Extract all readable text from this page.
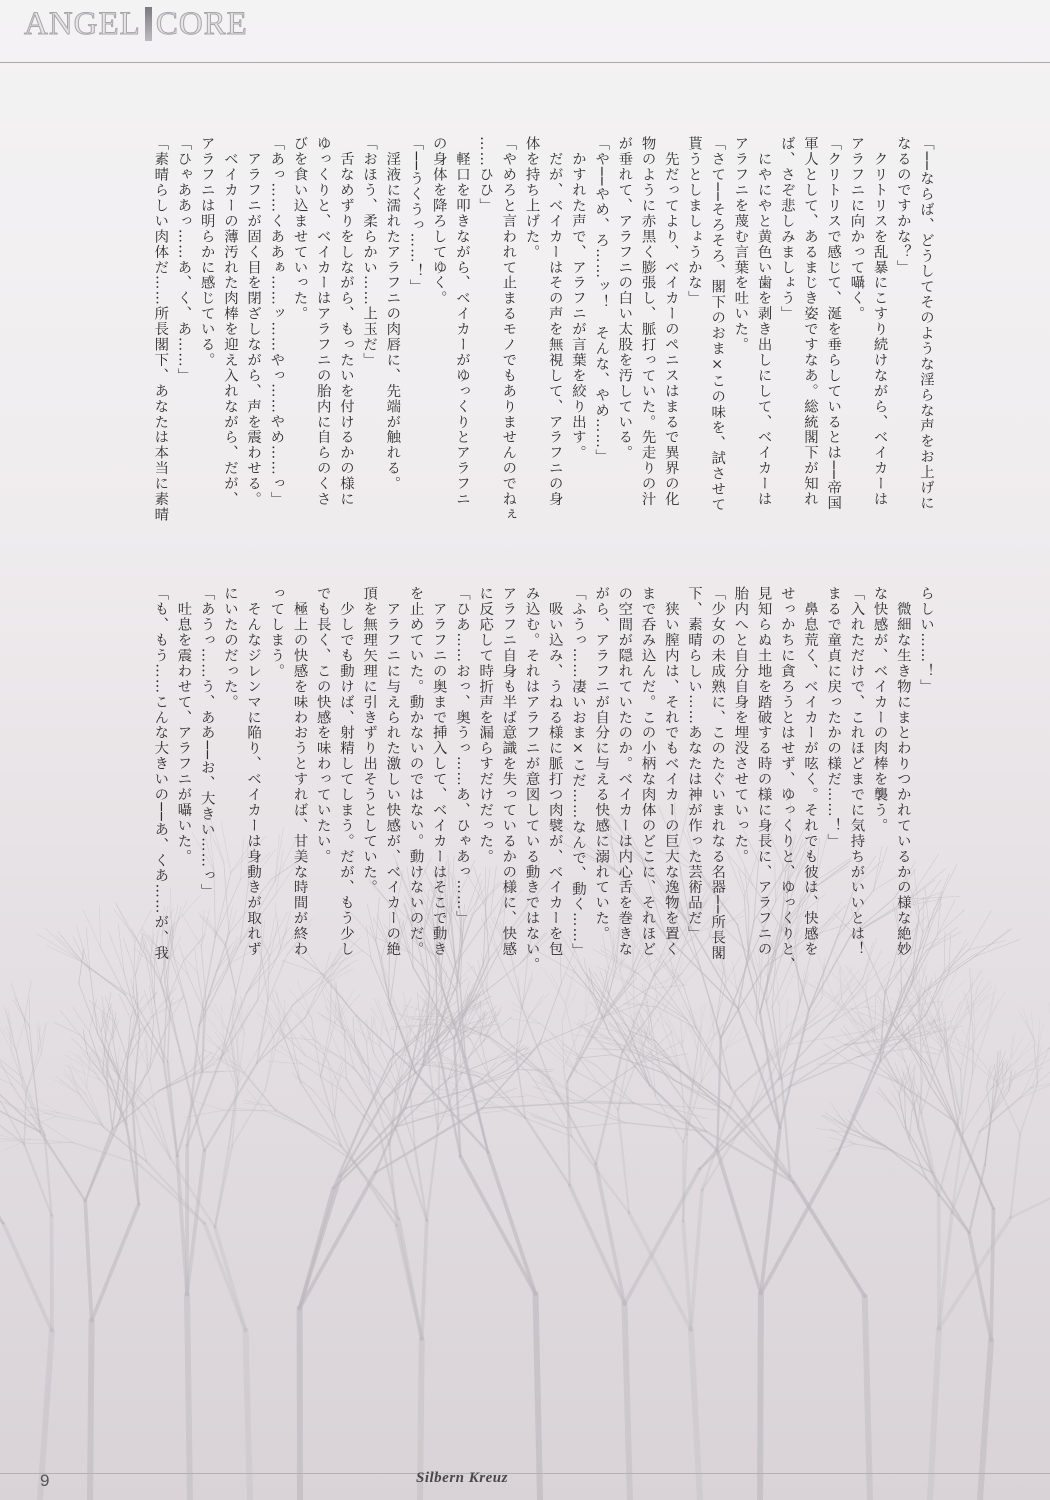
ANGEL CORE
「──ならば、どうしてそのような淫らな声をお上げに
なるのですかな？」
　クリトリスを乱暴にこすり続けながら、ベイカーは
アラフニに向かって囁く。
「クリトリスで感じて、涎を垂らしているとは──帝国
軍人として、あるまじき姿ですなあ。総統閣下が知れ
ば、さぞ悲しみましょう」
　にやにやと黄色い歯を剥き出しにして、ベイカーは
アラフニを蔑む言葉を吐いた。
「さて──そろそろ、閣下のおま×この味を、試させて
貰うとしましょうかな」
　先だってより、ベイカーのペニスはまるで異界の化
物のように赤黒く膨張し、脈打っていた。先走りの汁
が垂れて、アラフニの白い太股を汚している。
「や──やめ、ろ……ッ！　そんな、やめ……」
　かすれた声で、アラフニが言葉を絞り出す。
　だが、ベイカーはその声を無視して、アラフニの身
体を持ち上げた。
「やめろと言われて止まるモノでもありませんのでねぇ
……ひひ」
　軽口を叩きながら、ベイカーがゆっくりとアラフニ
の身体を降ろしてゆく。
「──うくうっ……！」
　淫液に濡れたアラフニの肉唇に、先端が触れる。
「おほう、柔らかい……上玉だ」
　舌なめずりをしながら、もったいを付けるかの様に
ゆっくりと、ベイカーはアラフニの胎内に自らのくさ
びを食い込ませていった。
「あっ……くああぁ……ッ……やっ……やめ……っ」
　アラフニが固く目を閉ざしながら、声を震わせる。
　ベイカーの薄汚れた肉棒を迎え入れながら、だが、
アラフニは明らかに感じている。
「ひゃああっ……あ、く、あ……」
「素晴らしい肉体だ……所長閣下、あなたは本当に素晴
らしい……！」
　微細な生き物にまとわりつかれているかの様な絶妙
な快感が、ベイカーの肉棒を襲う。
「入れただけで、これほどまでに気持ちがいいとは！
まるで童貞に戻ったかの様だ……！」
　鼻息荒く、ベイカーが呟く。それでも彼は、快感を
せっかちに貪ろうとはせず、ゆっくりと、ゆっくりと、
見知らぬ土地を踏破する時の様に身長に、アラフニの
胎内へと自分自身を埋没させていった。
「少女の未成熟に、このたぐいまれなる名器──所長閣
下、素晴らしい……あなたは神が作った芸術品だ」
　狭い膣内は、それでもベイカーの巨大な逸物を置く
まで呑み込んだ。この小柄な肉体のどこに、それほど
の空間が隠れていたのか。ベイカーは内心舌を巻きな
がら、アラフニが自分に与える快感に溺れていた。
「ふうっ……凄いおま×こだ……なんで、動く……」
　吸い込み、うねる様に脈打つ肉襞が、ベイカーを包
み込む。それはアラフニが意図している動きではない。
アラフニ自身も半ば意識を失っているかの様に、快感
に反応して時折声を漏らすだけだった。
「ひあ……おっ、奥うっ……あ、ひゃあっ……」
　アラフニの奥まで挿入して、ベイカーはそこで動き
を止めていた。動かないのではない。動けないのだ。
　アラフニに与えられた激しい快感が、ベイカーの絶
頂を無理矢理に引きずり出そうとしていた。
　少しでも動けば、射精してしまう。だが、もう少し
でも長く、この快感を味わっていたい。
　極上の快感を味わおうとすれば、甘美な時間が終わ
ってしまう。
　そんなジレンマに陥り、ベイカーは身動きが取れず
にいたのだった。
「あうっ……う、ああ──お、大きい……っ」
　吐息を震わせて、アラフニが囁いた。
「も、もう……こんな大きいの──あ、くあ……が、我
9	Silbern Kreuz
